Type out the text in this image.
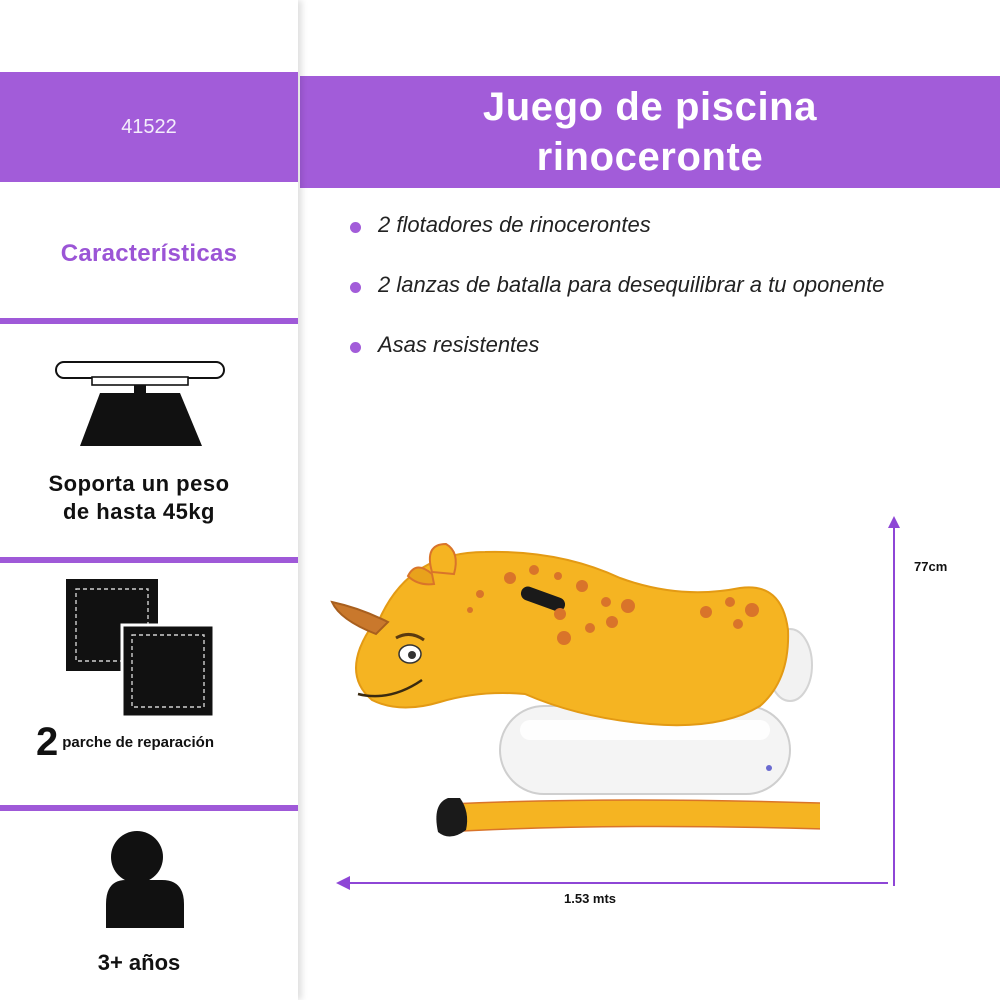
41522
Características
Soporta un peso
de hasta 45kg
2 parche de reparación
3+ años
Juego de piscina
rinoceronte
2 flotadores de rinocerontes
2 lanzas de batalla para desequilibrar a tu oponente
Asas resistentes
77cm
1.53 mts
